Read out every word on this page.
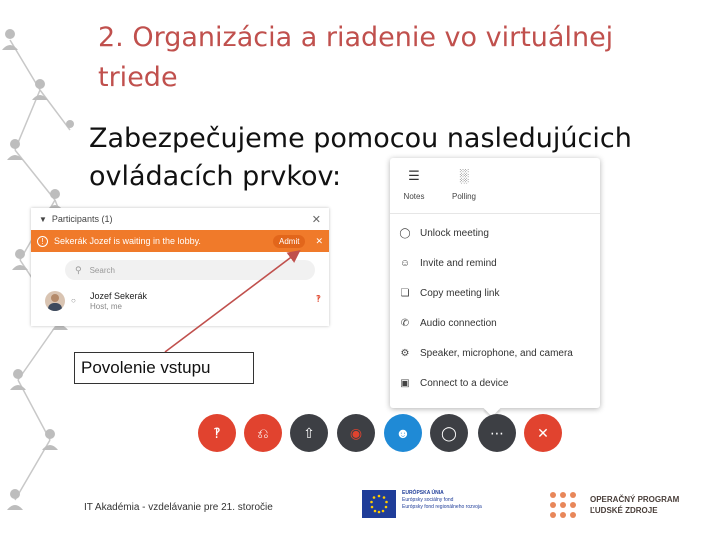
2. Organizácia a riadenie vo virtuálnej triede
Zabezpečujeme pomocou nasledujúcich ovládacích prvkov:
▼ Participants (1)	✕
!	Sekerák Jozef is waiting in the lobby.	Admit	✕
⚲ Search
○	Jozef Sekerák
Host, me
‽
Povolenie vstupu
☰
Notes
░
Polling
◯ Unlock meeting
☺ Invite and remind
❏ Copy meeting link
✆ Audio connection
⚙ Speaker, microphone, and camera
▣ Connect to a device
‽	⎌ ⇧	◉ ☻ ◯ ⋯ ✕
IT Akadémia - vzdelávanie pre 21. storočie
EURÓPSKA ÚNIA
Európsky sociálny fond
Európsky fond regionálneho rozvoja
OPERAČNÝ PROGRAM
ĽUDSKÉ ZDROJE
